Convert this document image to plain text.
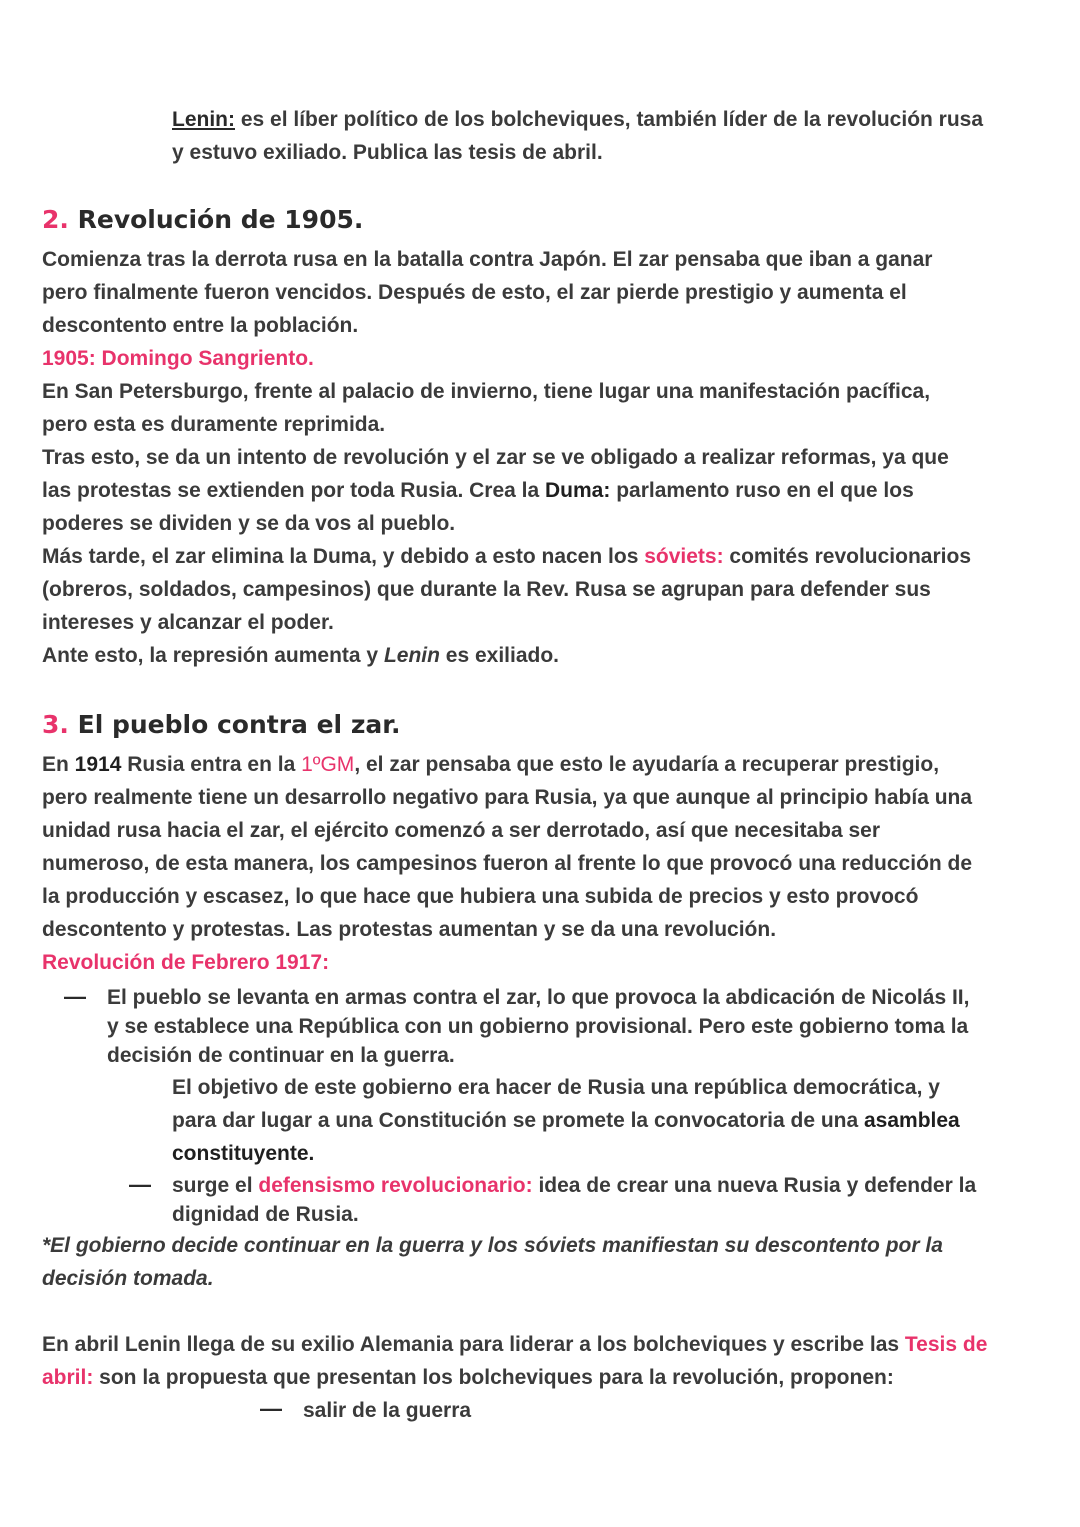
Lenin: es el líber político de los bolcheviques, también líder de la revolución rusa

y estuvo exiliado. Publica las tesis de abril.

2. Revolución de 1905.

Comienza tras la derrota rusa en la batalla contra Japón. El zar pensaba que iban a ganar

pero finalmente fueron vencidos. Después de esto, el zar pierde prestigio y aumenta el

descontento entre la población.

1905: Domingo Sangriento.

En San Petersburgo, frente al palacio de invierno, tiene lugar una manifestación pacífica,

pero esta es duramente reprimida.

Tras esto, se da un intento de revolución y el zar se ve obligado a realizar reformas, ya que

las protestas se extienden por toda Rusia. Crea la Duma: parlamento ruso en el que los

poderes se dividen y se da vos al pueblo.

Más tarde, el zar elimina la Duma, y debido a esto nacen los sóviets: comités revolucionarios

(obreros, soldados, campesinos) que durante la Rev. Rusa se agrupan para defender sus

intereses y alcanzar el poder.

Ante esto, la represión aumenta y Lenin es exiliado.

3. El pueblo contra el zar.

En 1914 Rusia entra en la 1ºGM, el zar pensaba que esto le ayudaría a recuperar prestigio,

pero realmente tiene un desarrollo negativo para Rusia, ya que aunque al principio había una

unidad rusa hacia el zar, el ejército comenzó a ser derrotado, así que necesitaba ser

numeroso, de esta manera, los campesinos fueron al frente lo que provocó una reducción de

la producción y escasez, lo que hace que hubiera una subida de precios y esto provocó

descontento y protestas. Las protestas aumentan y se da una revolución.

Revolución de Febrero 1917:

— El pueblo se levanta en armas contra el zar, lo que provoca la abdicación de Nicolás II,

y se establece una República con un gobierno provisional. Pero este gobierno toma la

decisión de continuar en la guerra.

El objetivo de este gobierno era hacer de Rusia una república democrática, y

para dar lugar a una Constitución se promete la convocatoria de una asamblea

constituyente.

— surge el defensismo revolucionario: idea de crear una nueva Rusia y defender la

dignidad de Rusia.

*El gobierno decide continuar en la guerra y los sóviets manifiestan su descontento por la

decisión tomada.

En abril Lenin llega de su exilio Alemania para liderar a los bolcheviques y escribe las Tesis de

abril: son la propuesta que presentan los bolcheviques para la revolución, proponen:

— salir de la guerra
